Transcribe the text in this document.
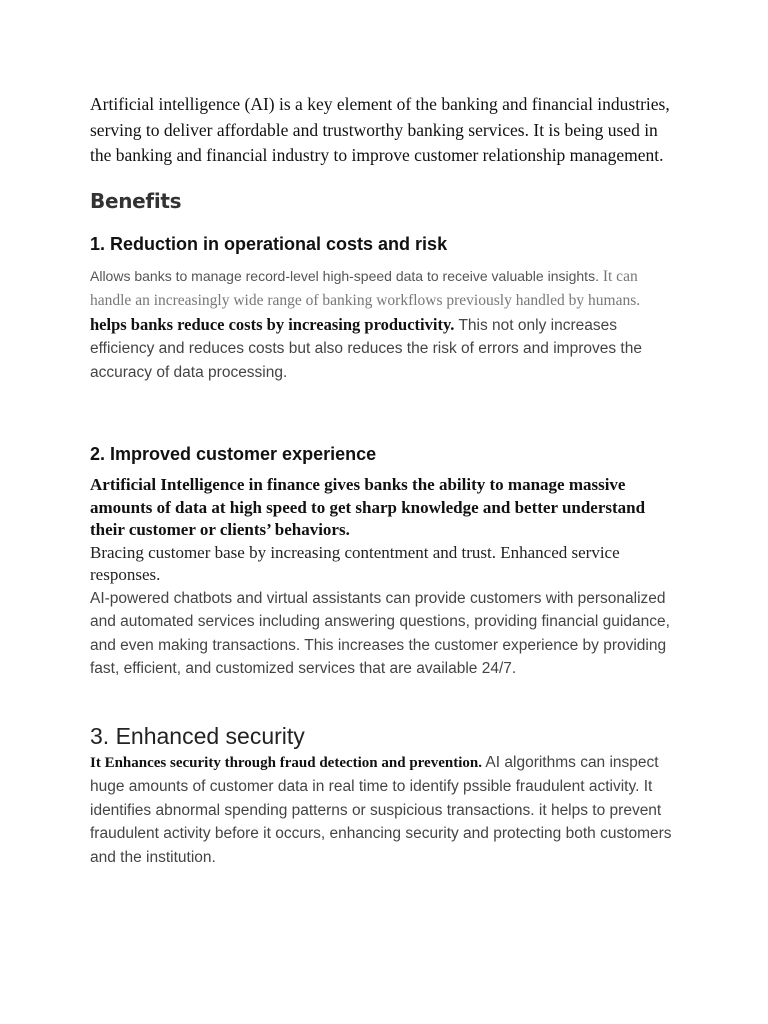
Artificial intelligence (AI) is a key element of the banking and financial industries, serving to deliver affordable and trustworthy banking services. It is being used in the banking and financial industry to improve customer relationship management.

Benefits
1. Reduction in operational costs and risk

Allows banks to manage record-level high-speed data to receive valuable insights. It can handle an increasingly wide range of banking workflows previously handled by humans. helps banks reduce costs by increasing productivity. This not only increases efficiency and reduces costs but also reduces the risk of errors and improves the accuracy of data processing.

2. Improved customer experience

Artificial Intelligence in finance gives banks the ability to manage massive amounts of data at high speed to get sharp knowledge and better understand their customer or clients’ behaviors.

Bracing customer base by increasing contentment and trust. Enhanced service responses.

AI-powered chatbots and virtual assistants can provide customers with personalized and automated services including answering questions, providing financial guidance, and even making transactions. This increases the customer experience by providing fast, efficient, and customized services that are available 24/7.

3. Enhanced security

It Enhances security through fraud detection and prevention. AI algorithms can inspect huge amounts of customer data in real time to identify pssible fraudulent activity. It identifies abnormal spending patterns or suspicious transactions. it helps to prevent fraudulent activity before it occurs, enhancing security and protecting both customers and the institution.
